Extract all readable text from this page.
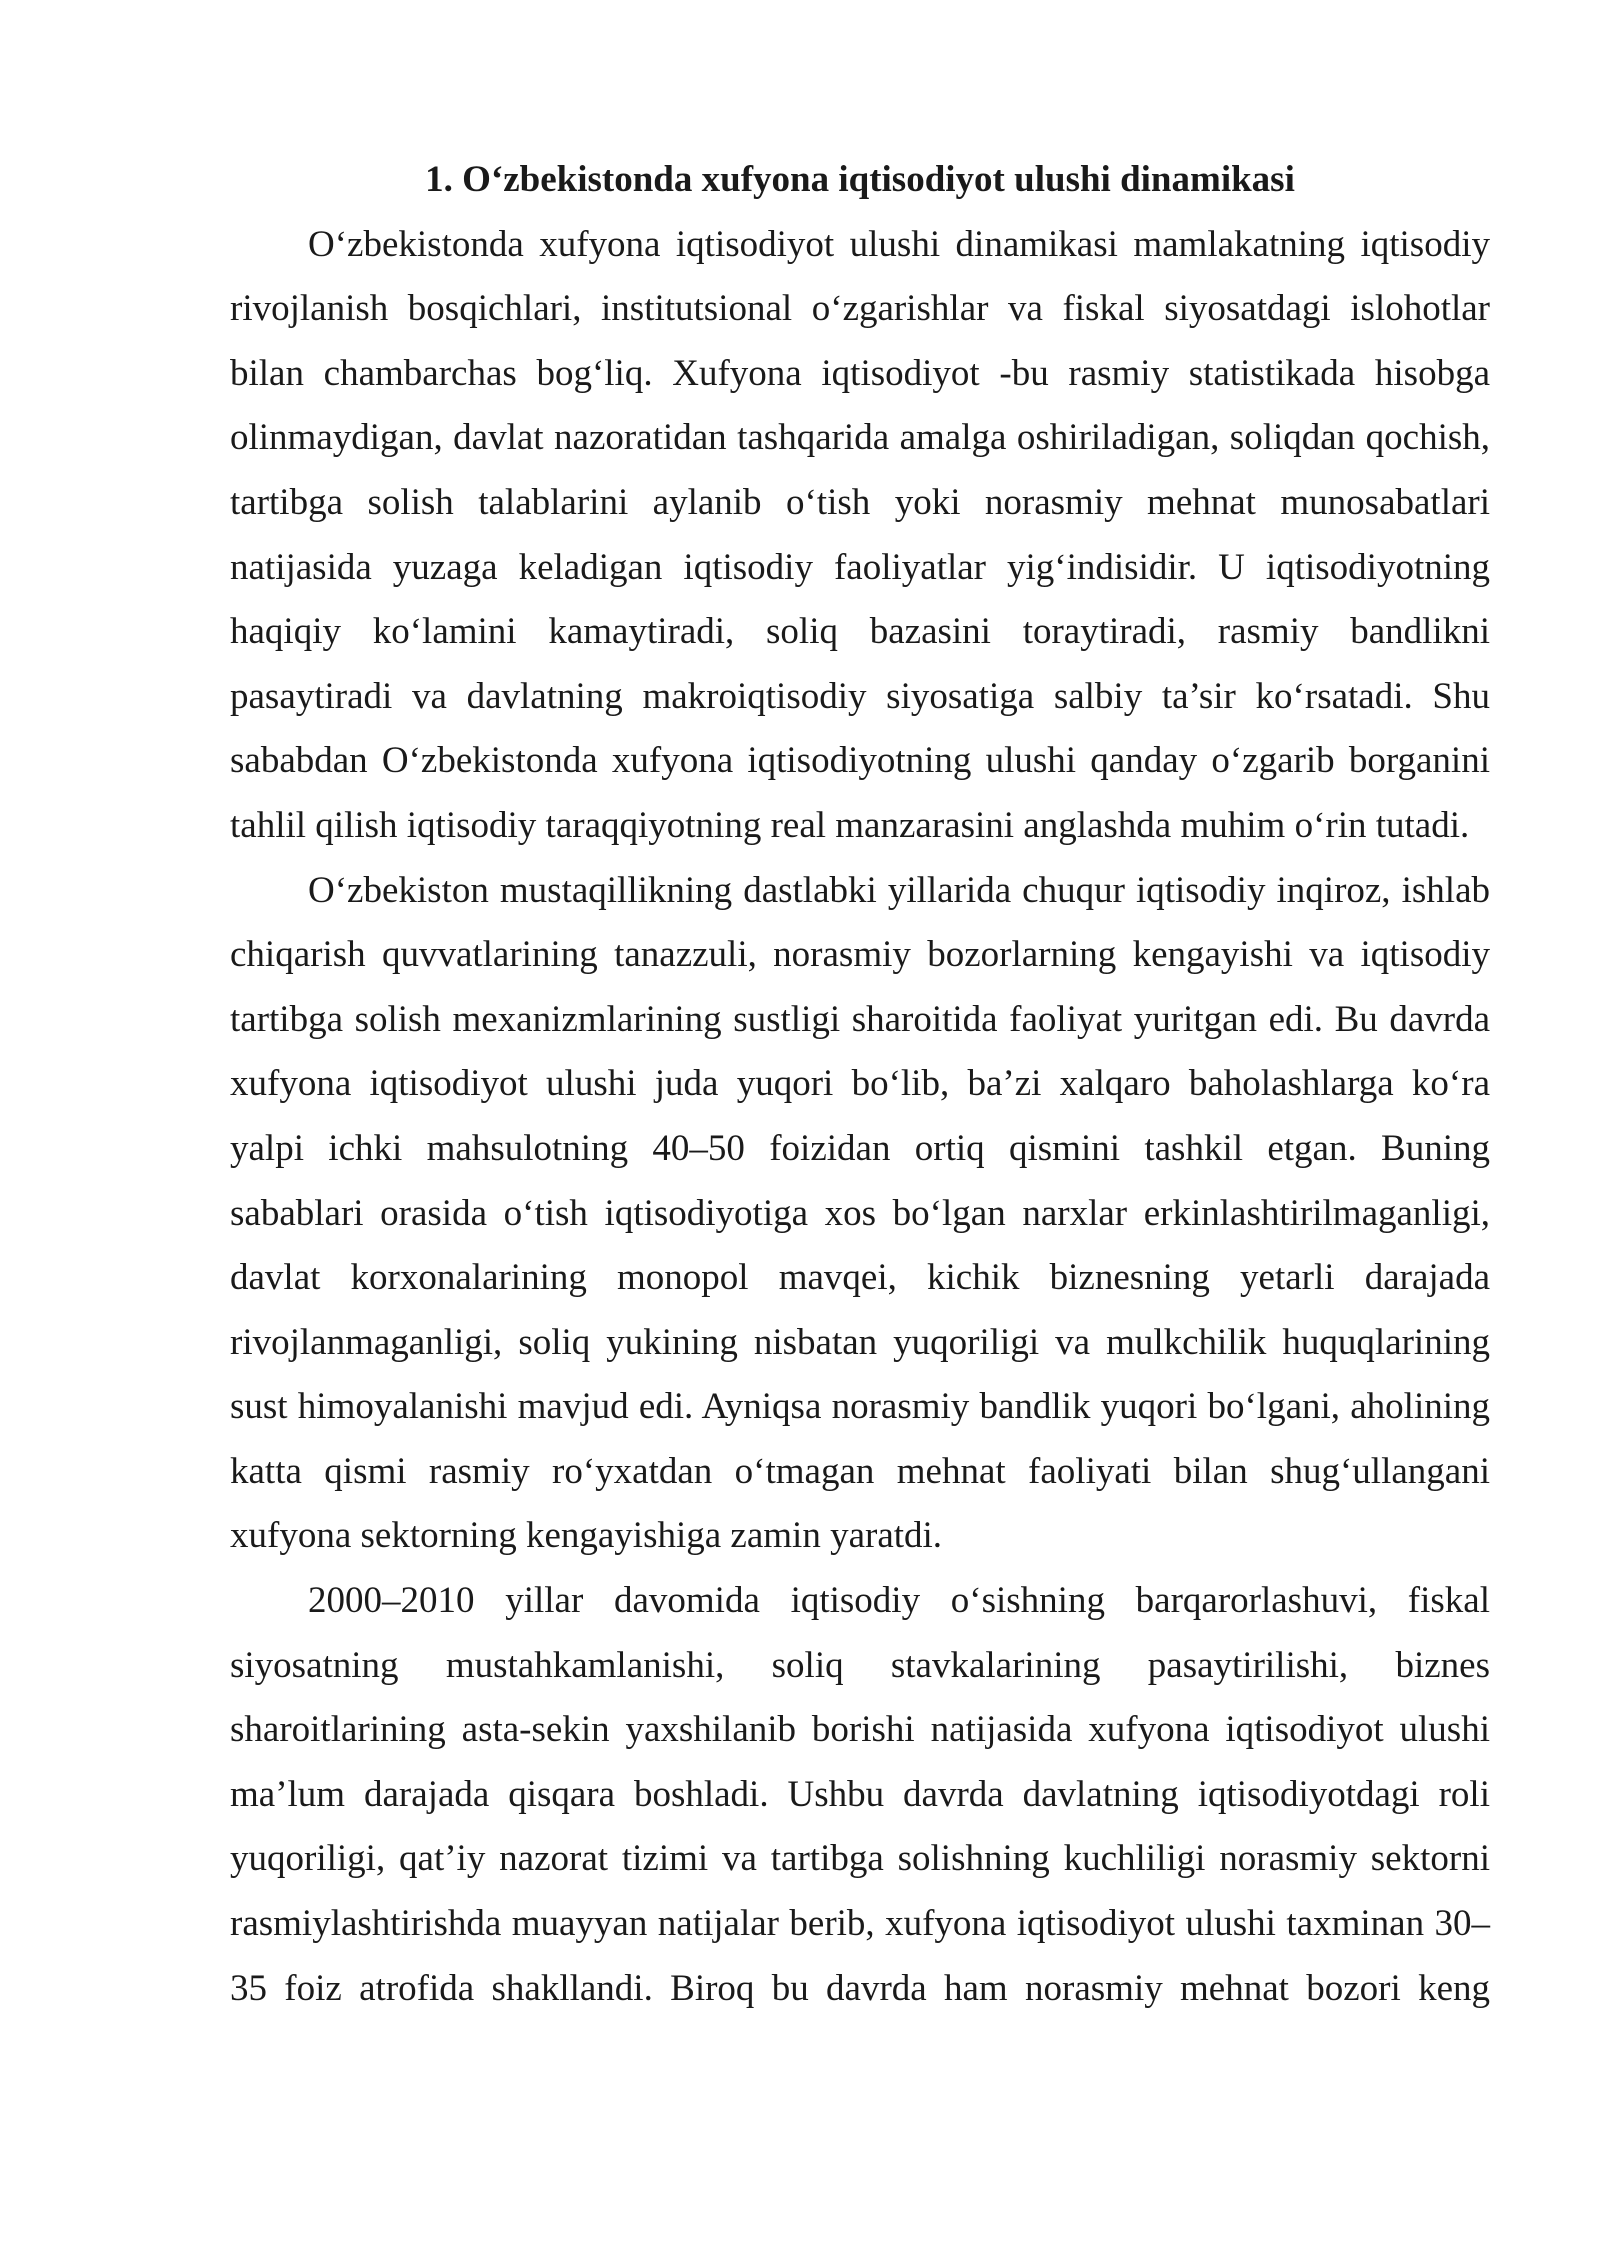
1. O‘zbekistonda xufyona iqtisodiyot ulushi dinamikasi

O‘zbekistonda xufyona iqtisodiyot ulushi dinamikasi mamlakatning iqtisodiy rivojlanish bosqichlari, institutsional o‘zgarishlar va fiskal siyosatdagi islohotlar bilan chambarchas bog‘liq. Xufyona iqtisodiyot -bu rasmiy statistikada hisobga olinmaydigan, davlat nazoratidan tashqarida amalga oshiriladigan, soliqdan qochish, tartibga solish talablarini aylanib o‘tish yoki norasmiy mehnat munosabatlari natijasida yuzaga keladigan iqtisodiy faoliyatlar yig‘indisidir. U iqtisodiyotning haqiqiy ko‘lamini kamaytiradi, soliq bazasini toraytiradi, rasmiy bandlikni pasaytiradi va davlatning makroiqtisodiy siyosatiga salbiy ta’sir ko‘rsatadi. Shu sababdan O‘zbekistonda xufyona iqtisodiyotning ulushi qanday o‘zgarib borganini tahlil qilish iqtisodiy taraqqiyotning real manzarasini anglashda muhim o‘rin tutadi.

O‘zbekiston mustaqillikning dastlabki yillarida chuqur iqtisodiy inqiroz, ishlab chiqarish quvvatlarining tanazzuli, norasmiy bozorlarning kengayishi va iqtisodiy tartibga solish mexanizmlarining sustligi sharoitida faoliyat yuritgan edi. Bu davrda xufyona iqtisodiyot ulushi juda yuqori bo‘lib, ba’zi xalqaro baholashlarga ko‘ra yalpi ichki mahsulotning 40–50 foizidan ortiq qismini tashkil etgan. Buning sabablari orasida o‘tish iqtisodiyotiga xos bo‘lgan narxlar erkinlashtirilmaganligi, davlat korxonalarining monopol mavqei, kichik biznesning yetarli darajada rivojlanmaganligi, soliq yukining nisbatan yuqoriligi va mulkchilik huquqlarining sust himoyalanishi mavjud edi. Ayniqsa norasmiy bandlik yuqori bo‘lgani, aholining katta qismi rasmiy ro‘yxatdan o‘tmagan mehnat faoliyati bilan shug‘ullangani xufyona sektorning kengayishiga zamin yaratdi.

2000–2010 yillar davomida iqtisodiy o‘sishning barqarorlashuvi, fiskal siyosatning mustahkamlanishi, soliq stavkalarining pasaytirilishi, biznes sharoitlarining asta-sekin yaxshilanib borishi natijasida xufyona iqtisodiyot ulushi ma’lum darajada qisqara boshladi. Ushbu davrda davlatning iqtisodiyotdagi roli yuqoriligi, qat’iy nazorat tizimi va tartibga solishning kuchliligi norasmiy sektorni rasmiylashtirishda muayyan natijalar berib, xufyona iqtisodiyot ulushi taxminan 30–35 foiz atrofida shakllandi. Biroq bu davrda ham norasmiy mehnat bozori keng
